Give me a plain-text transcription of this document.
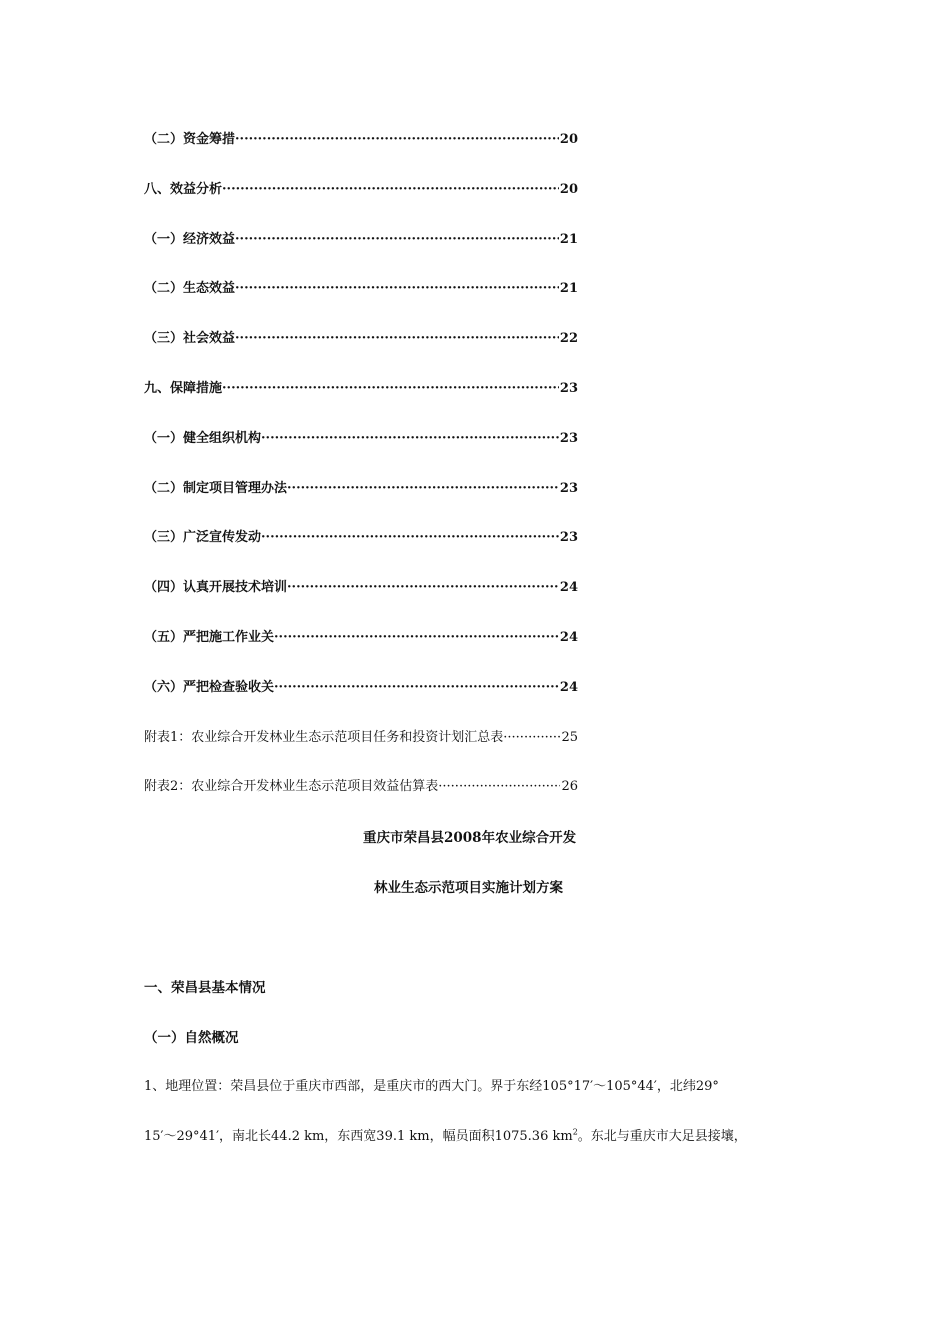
（二）资金筹措 ·····	20
八、效益分析 ·····	20
（一）经济效益 ·····	21
（二）生态效益 ·····	21
（三）社会效益 ·····	22
九、保障措施 ·····	23
（一）健全组织机构 ·····	23
（二）制定项目管理办法 ·····	23
（三）广泛宣传发动 ·····	23
（四）认真开展技术培训 ·····	24
（五）严把施工作业关 ·····	24
（六）严把检查验收关 ·····	24
附表1：农业综合开发林业生态示范项目任务和投资计划汇总表 ·····	25
附表2：农业综合开发林业生态示范项目效益估算表 ·····	26
重庆市荣昌县2008年农业综合开发
林业生态示范项目实施计划方案
一、荣昌县基本情况
（一）自然概况
1、地理位置：荣昌县位于重庆市西部，是重庆市的西大门。界于东经105°17′～105°44′，北纬29°
15′～29°41′，南北长44.2 km，东西宽39.1 km，幅员面积1075.36 $km^2$。东北与重庆市大足县接壤，
